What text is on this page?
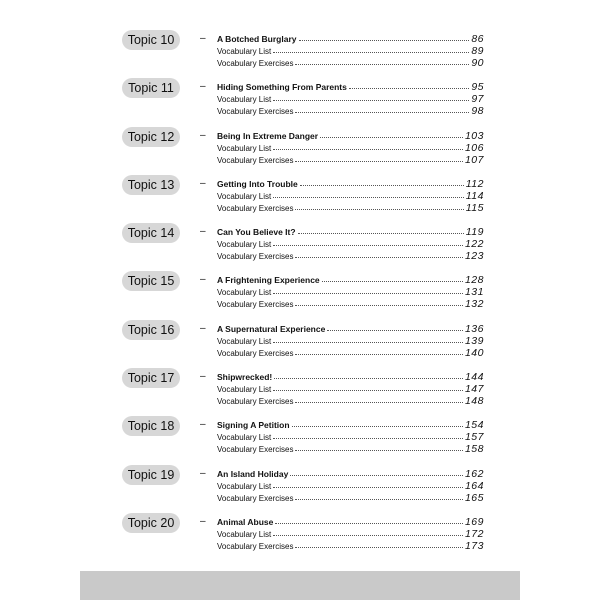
Topic 10	– A Botched Burglary	86
Vocabulary List	89
Vocabulary Exercises	90
Topic 11	– Hiding Something From Parents	95
Vocabulary List	97
Vocabulary Exercises	98
Topic 12	– Being In Extreme Danger	103
Vocabulary List	106
Vocabulary Exercises	107
Topic 13	– Getting Into Trouble	112
Vocabulary List	114
Vocabulary Exercises	115
Topic 14	– Can You Believe It?	119
Vocabulary List	122
Vocabulary Exercises	123
Topic 15	– A Frightening Experience	128
Vocabulary List	131
Vocabulary Exercises	132
Topic 16	– A Supernatural Experience	136
Vocabulary List	139
Vocabulary Exercises	140
Topic 17	– Shipwrecked!	144
Vocabulary List	147
Vocabulary Exercises	148
Topic 18	– Signing A Petition	154
Vocabulary List	157
Vocabulary Exercises	158
Topic 19	– An Island Holiday	162
Vocabulary List	164
Vocabulary Exercises	165
Topic 20	– Animal Abuse	169
Vocabulary List	172
Vocabulary Exercises	173
